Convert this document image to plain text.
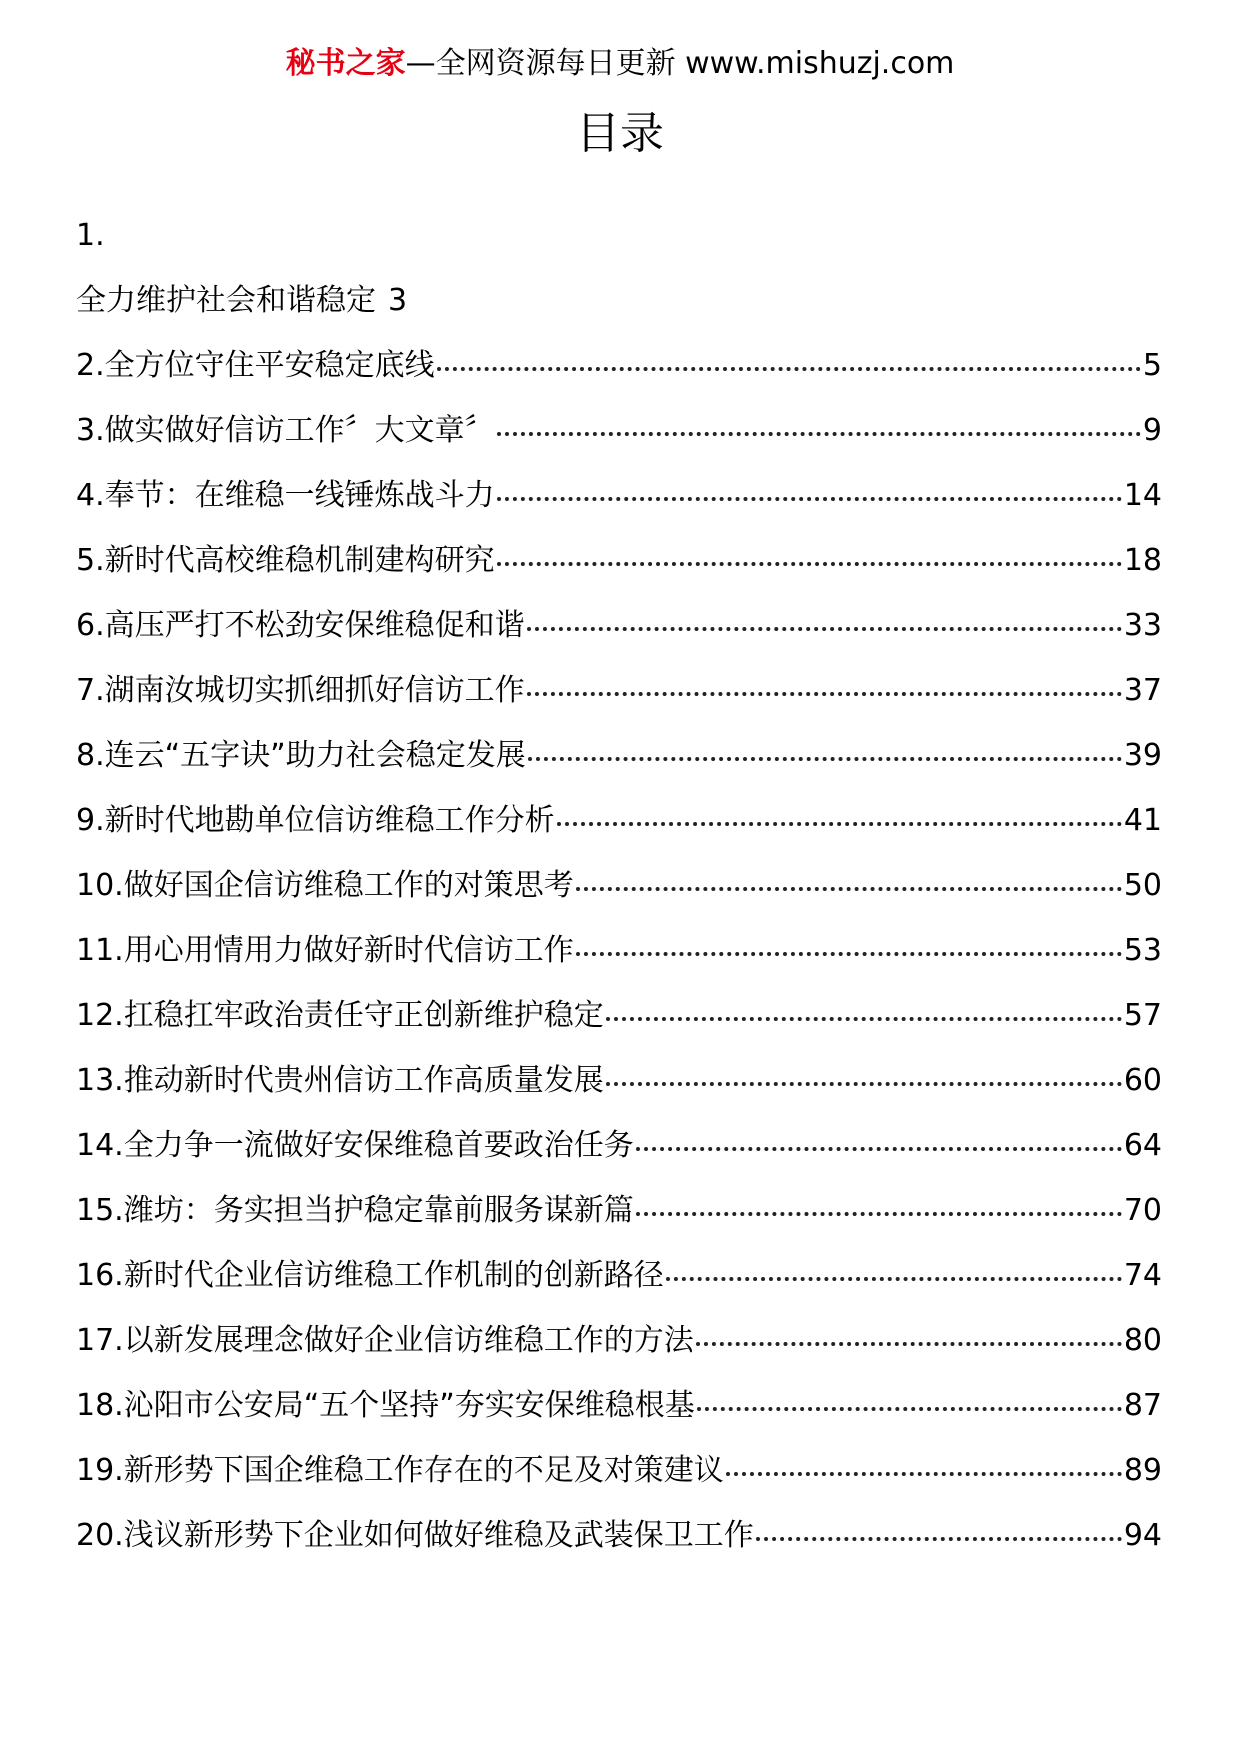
秘书之家—全网资源每日更新 www.mishuzj.com
目录
1.
全力维护社会和谐稳定 3
2.全方位守住平安稳定底线	5
3.做实做好信访工作〞大文章〞	9
4.奉节：在维稳一线锤炼战斗力	14
5.新时代高校维稳机制建构研究	18
6.高压严打不松劲安保维稳促和谐	33
7.湖南汝城切实抓细抓好信访工作	37
8.连云“五字诀”助力社会稳定发展	39
9.新时代地勘单位信访维稳工作分析	41
10.做好国企信访维稳工作的对策思考	50
11.用心用情用力做好新时代信访工作	53
12.扛稳扛牢政治责任守正创新维护稳定	57
13.推动新时代贵州信访工作高质量发展	60
14.全力争一流做好安保维稳首要政治任务	64
15.潍坊：务实担当护稳定靠前服务谋新篇	70
16.新时代企业信访维稳工作机制的创新路径	74
17.以新发展理念做好企业信访维稳工作的方法	80
18.沁阳市公安局“五个坚持”夯实安保维稳根基	87
19.新形势下国企维稳工作存在的不足及对策建议	89
20.浅议新形势下企业如何做好维稳及武装保卫工作	94
